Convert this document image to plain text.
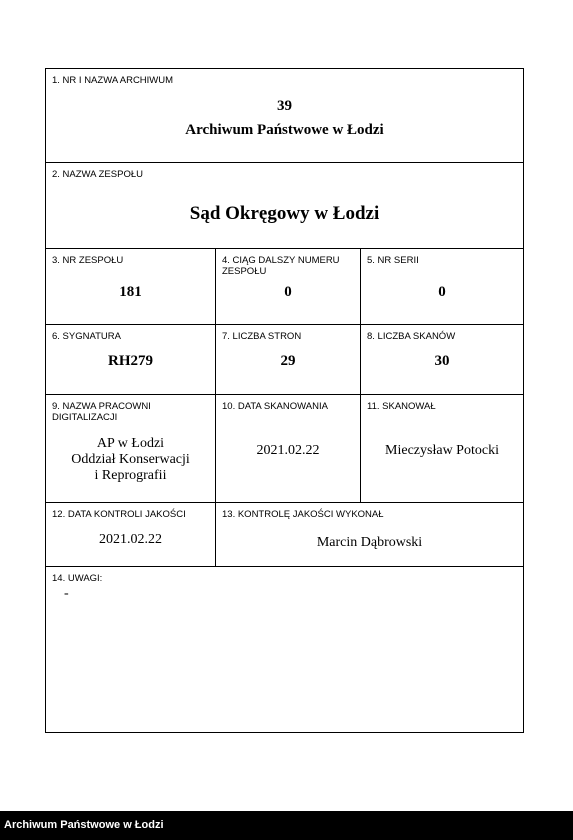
1. NR I NAZWA ARCHIWUM
39
Archiwum Państwowe w Łodzi
2. NAZWA ZESPOŁU
Sąd Okręgowy w Łodzi
3. NR ZESPOŁU
181
4. CIĄG DALSZY NUMERU ZESPOŁU
0
5. NR SERII
0
6. SYGNATURA
RH279
7. LICZBA STRON
29
8. LICZBA SKANÓW
30
9. NAZWA PRACOWNI DIGITALIZACJI
AP w Łodzi
Oddział Konserwacji
i Reprografii
10. DATA SKANOWANIA
2021.02.22
11. SKANOWAŁ
Mieczysław Potocki
12. DATA KONTROLI JAKOŚCI
2021.02.22
13. KONTROLĘ JAKOŚCI WYKONAŁ
Marcin Dąbrowski
14. UWAGI:
-
Archiwum Państwowe w Łodzi
